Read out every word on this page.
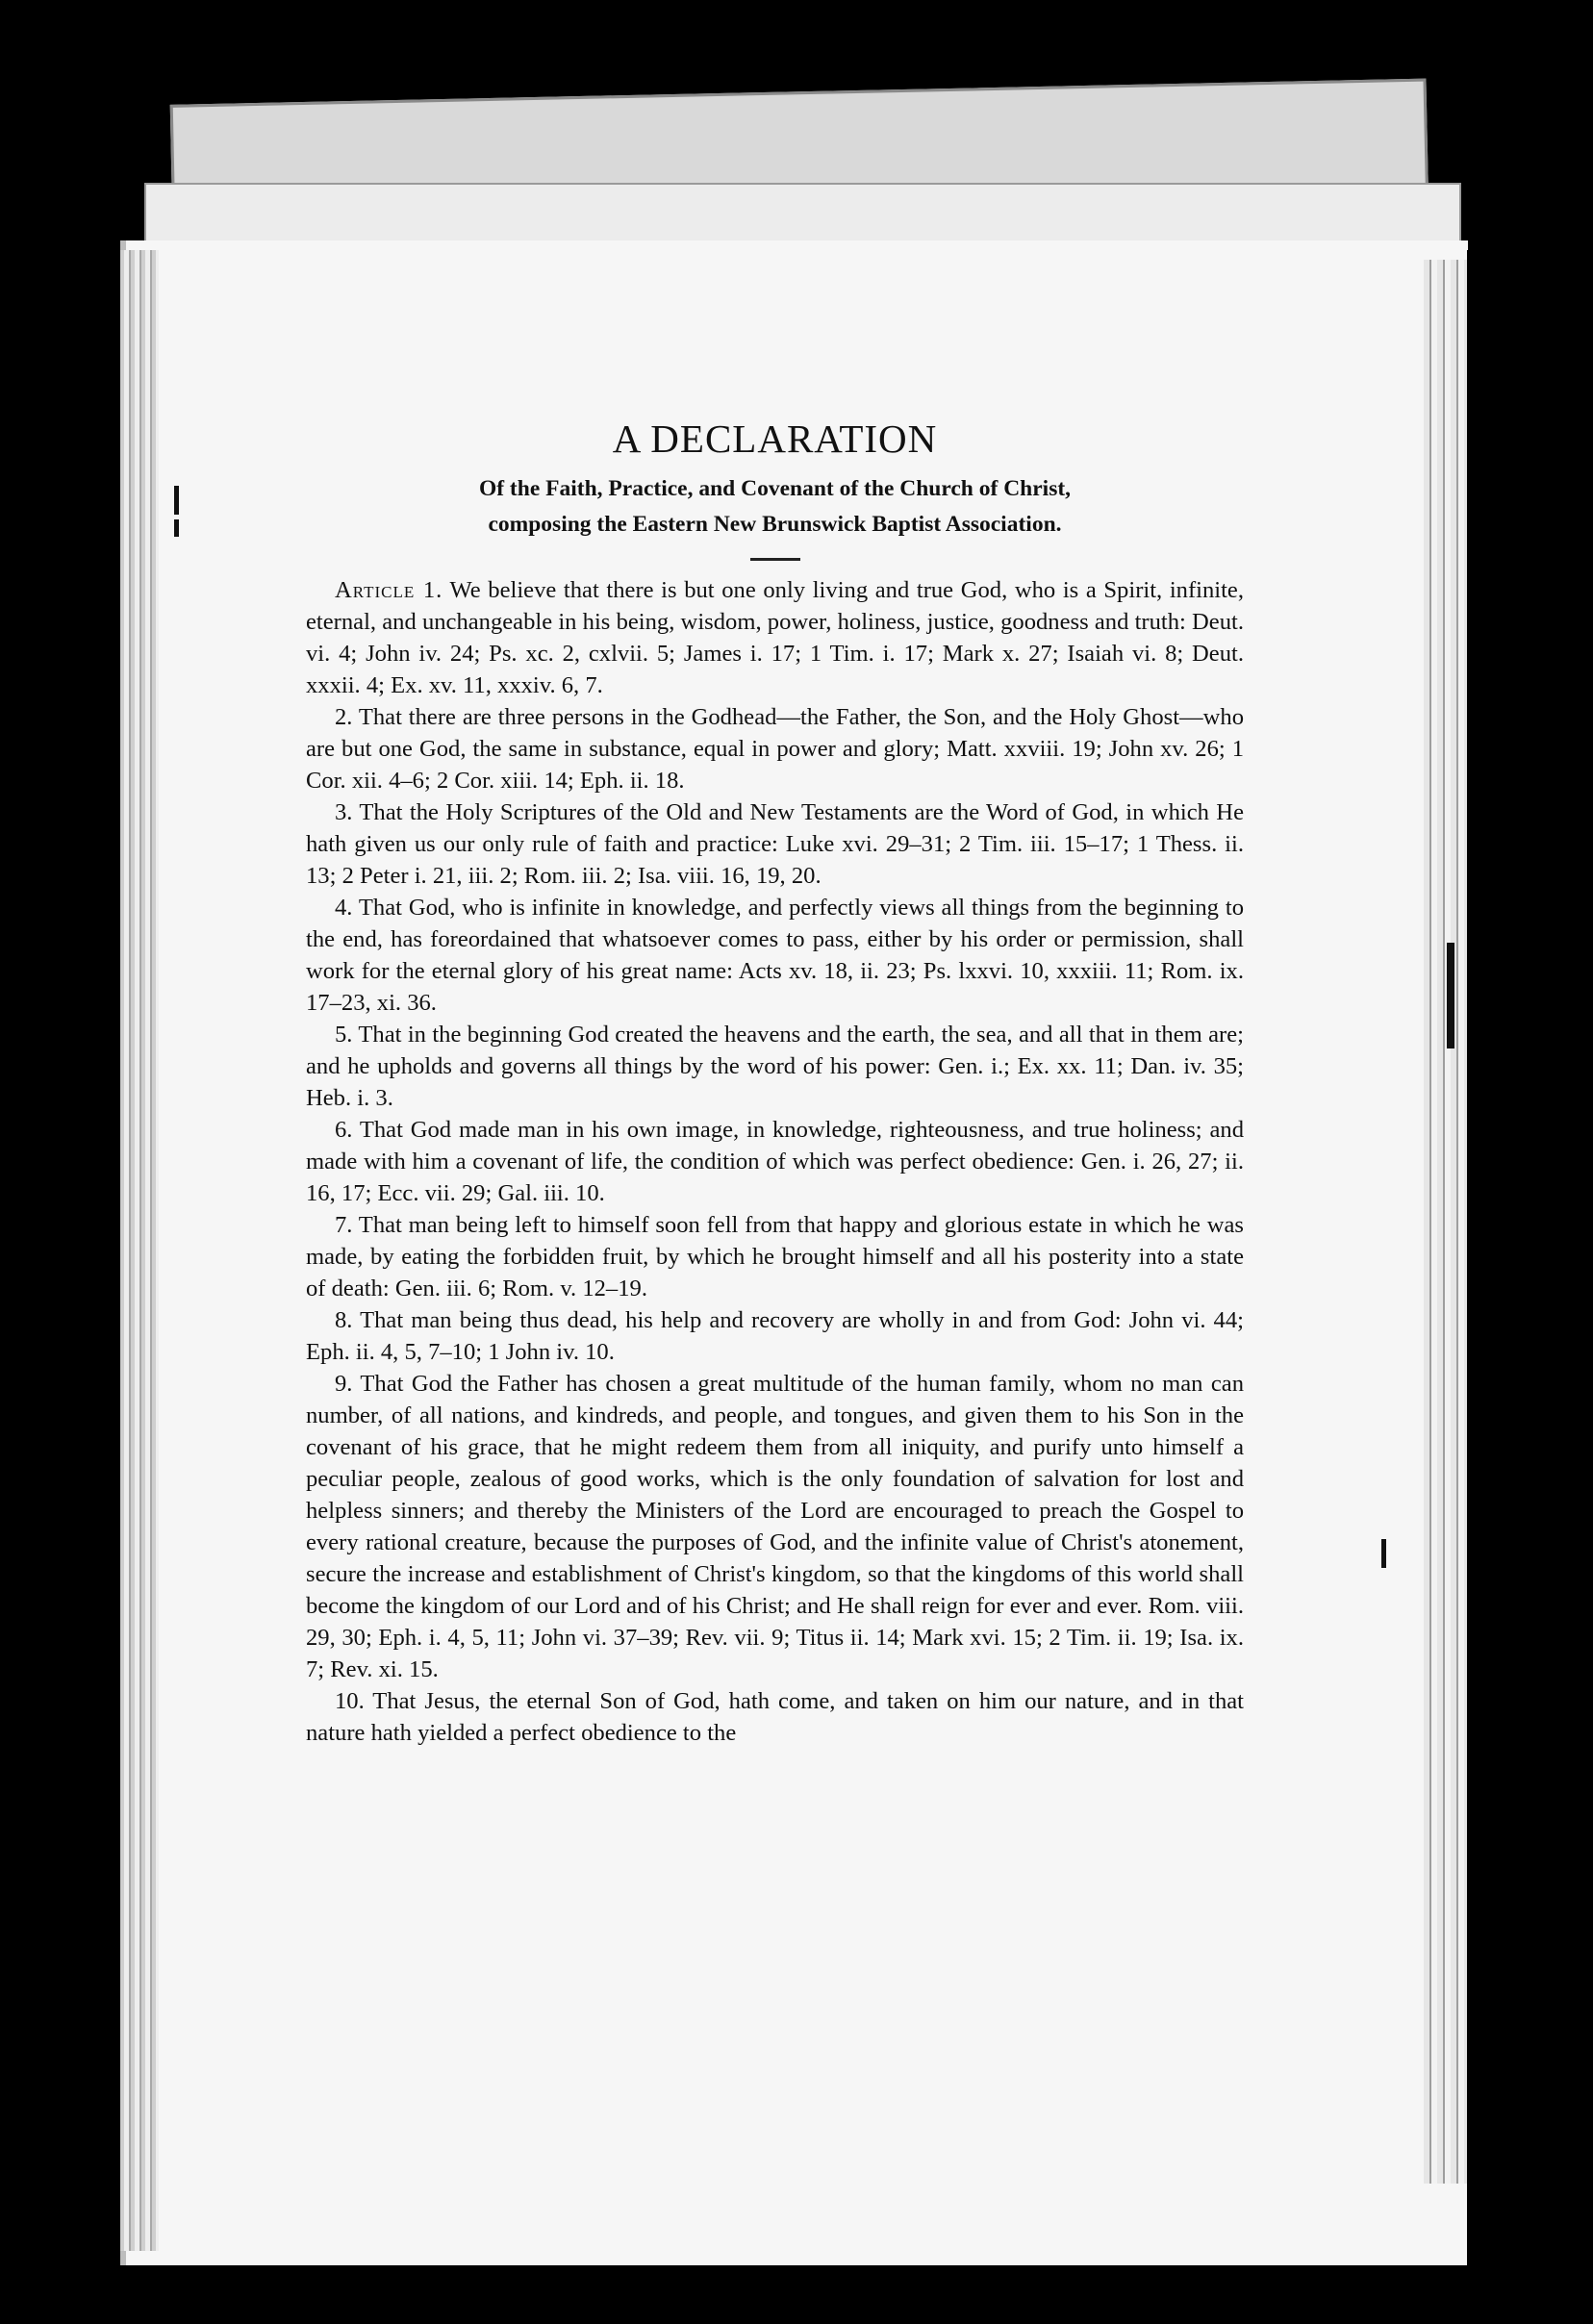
A DECLARATION

Of the Faith, Practice, and Covenant of the Church of Christ,

composing the Eastern New Brunswick Baptist Association.

Article 1. We believe that there is but one only living and true God, who is a Spirit, infinite, eternal, and unchangeable in his being, wisdom, power, holiness, justice, goodness and truth: Deut. vi. 4; John iv. 24; Ps. xc. 2, cxlvii. 5; James i. 17; 1 Tim. i. 17; Mark x. 27; Isaiah vi. 8; Deut. xxxii. 4; Ex. xv. 11, xxxiv. 6, 7.

2. That there are three persons in the Godhead—the Father, the Son, and the Holy Ghost—who are but one God, the same in substance, equal in power and glory; Matt. xxviii. 19; John xv. 26; 1 Cor. xii. 4–6; 2 Cor. xiii. 14; Eph. ii. 18.

3. That the Holy Scriptures of the Old and New Testaments are the Word of God, in which He hath given us our only rule of faith and practice: Luke xvi. 29–31; 2 Tim. iii. 15–17; 1 Thess. ii. 13; 2 Peter i. 21, iii. 2; Rom. iii. 2; Isa. viii. 16, 19, 20.

4. That God, who is infinite in knowledge, and perfectly views all things from the beginning to the end, has foreordained that whatsoever comes to pass, either by his order or permission, shall work for the eternal glory of his great name: Acts xv. 18, ii. 23; Ps. lxxvi. 10, xxxiii. 11; Rom. ix. 17–23, xi. 36.

5. That in the beginning God created the heavens and the earth, the sea, and all that in them are; and he upholds and governs all things by the word of his power: Gen. i.; Ex. xx. 11; Dan. iv. 35; Heb. i. 3.

6. That God made man in his own image, in knowledge, righteousness, and true holiness; and made with him a covenant of life, the condition of which was perfect obedience: Gen. i. 26, 27; ii. 16, 17; Ecc. vii. 29; Gal. iii. 10.

7. That man being left to himself soon fell from that happy and glorious estate in which he was made, by eating the forbidden fruit, by which he brought himself and all his posterity into a state of death: Gen. iii. 6; Rom. v. 12–19.

8. That man being thus dead, his help and recovery are wholly in and from God: John vi. 44; Eph. ii. 4, 5, 7–10; 1 John iv. 10.

9. That God the Father has chosen a great multitude of the human family, whom no man can number, of all nations, and kindreds, and people, and tongues, and given them to his Son in the covenant of his grace, that he might redeem them from all iniquity, and purify unto himself a peculiar people, zealous of good works, which is the only foundation of salvation for lost and helpless sinners; and thereby the Ministers of the Lord are encouraged to preach the Gospel to every rational creature, because the purposes of God, and the infinite value of Christ's atonement, secure the increase and establishment of Christ's kingdom, so that the kingdoms of this world shall become the kingdom of our Lord and of his Christ; and He shall reign for ever and ever. Rom. viii. 29, 30; Eph. i. 4, 5, 11; John vi. 37–39; Rev. vii. 9; Titus ii. 14; Mark xvi. 15; 2 Tim. ii. 19; Isa. ix. 7; Rev. xi. 15.

10. That Jesus, the eternal Son of God, hath come, and taken on him our nature, and in that nature hath yielded a perfect obedience to the
